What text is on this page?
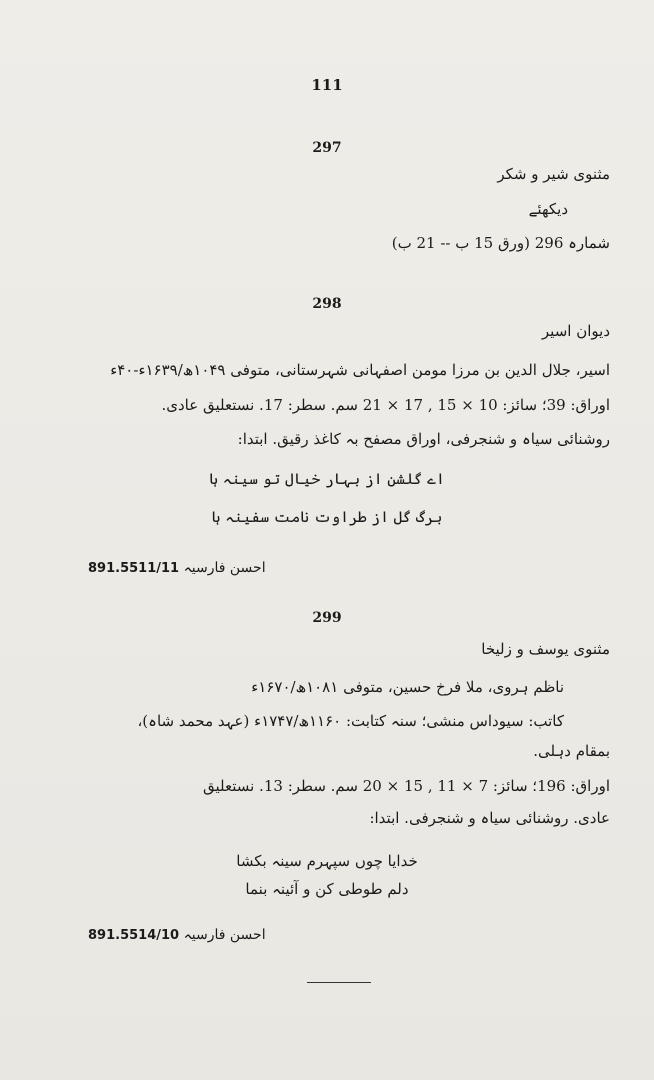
111
297
مثنوی شیر و شکر
دیکھئے
شمارہ 296 (ورق 15 ب -- 21 ب)
298
دیوان اسیر
اسیر، جلال الدین بن مرزا مومن اصفہانی شہرستانی، متوفی ۱۰۴۹ھ/۱۶۳۹ء-۴۰ء
اوراق: 39؛ سائز: 10 × 15 , 17 × 21 سم. سطر: 17. نستعلیق عادی.
روشنائی سیاہ و شنجرفی، اوراق مصفح بہ کاغذ رقیق. ابتدا:
اے گلشن از بہار خیال تو سینہ ہا
برگ گل از طراوت نامت سفینہ ہا
احسن فارسیہ 891.5511/11
299
مثنوی یوسف و زلیخا
ناظم ہروی، ملا فرخ حسین، متوفی ۱۰۸۱ھ/۱۶۷۰ء
کاتب: سیوداس منشی؛ سنہ کتابت: ۱۱۶۰ھ/۱۷۴۷ء (عہد محمد شاہ)،
بمقام دہلی.
اوراق: 196؛ سائز: 7 × 11 , 15 × 20 سم. سطر: 13. نستعلیق
عادی. روشنائی سیاہ و شنجرفی. ابتدا:
خدایا چوں سپہرم سینہ بکشا
دلم طوطی کن و آئینہ بنما
احسن فارسیہ 891.5514/10
